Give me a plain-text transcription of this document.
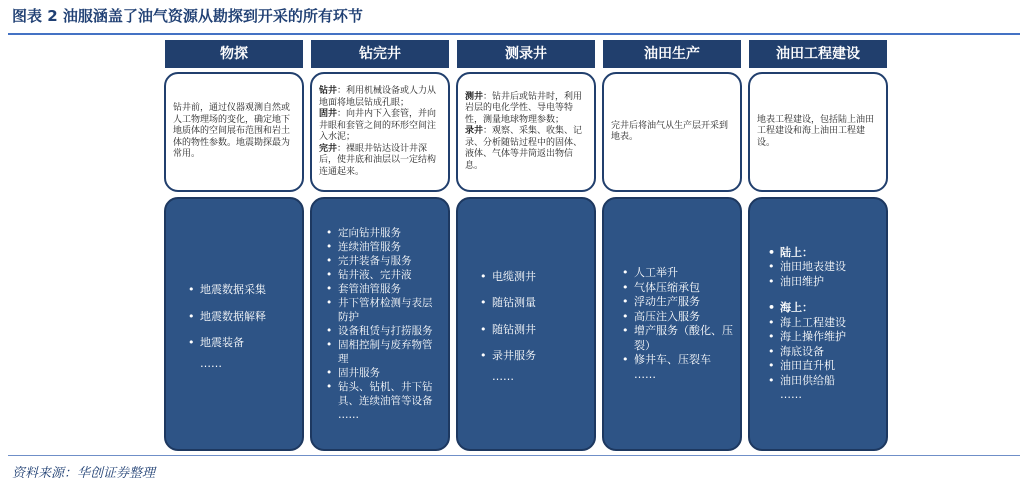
图表 2 油服涵盖了油气资源从勘探到开采的所有环节
物探

钻井前，通过仪器观测自然或人工物理场的变化，确定地下地质体的空间展布范围和岩土体的物性参数。地震勘探最为常用。

• 地震数据采集
• 地震数据解释
• 地震装备
……
钻完井

钻井：利用机械设备或人力从地面将地层钻成孔眼；

固井：向井内下入套管，并向井眼和套管之间的环形空间注入水泥；

完井：裸眼井钻达设计井深后，使井底和油层以一定结构连通起来。

• 定向钻井服务
• 连续油管服务
• 完井装备与服务
• 钻井液、完井液
• 套管油管服务
• 井下管材检测与表层防护
• 设备租赁与打捞服务
• 固相控制与废弃物管理
• 固井服务
• 钻头、钻机、井下钻具、连续油管等设备
……
测录井

测井：钻井后或钻井时，利用岩层的电化学性、导电等特性，测量地球物理参数；

录井：观察、采集、收集、记录、分析随钻过程中的固体、液体、气体等井筒返出物信息。

• 电缆测井
• 随钻测量
• 随钻测井
• 录井服务
……
油田生产

完井后将油气从生产层开采到地表。

• 人工举升
• 气体压缩承包
• 浮动生产服务
• 高压注入服务
• 增产服务（酸化、压裂）
• 修井车、压裂车
……
油田工程建设

地表工程建设，包括陆上油田工程建设和海上油田工程建设。

• 陆上：
• 油田地表建设
• 油田维护
• 海上：
• 海上工程建设
• 海上操作维护
• 海底设备
• 油田直升机
• 油田供给船
……
资料来源：华创证券整理
